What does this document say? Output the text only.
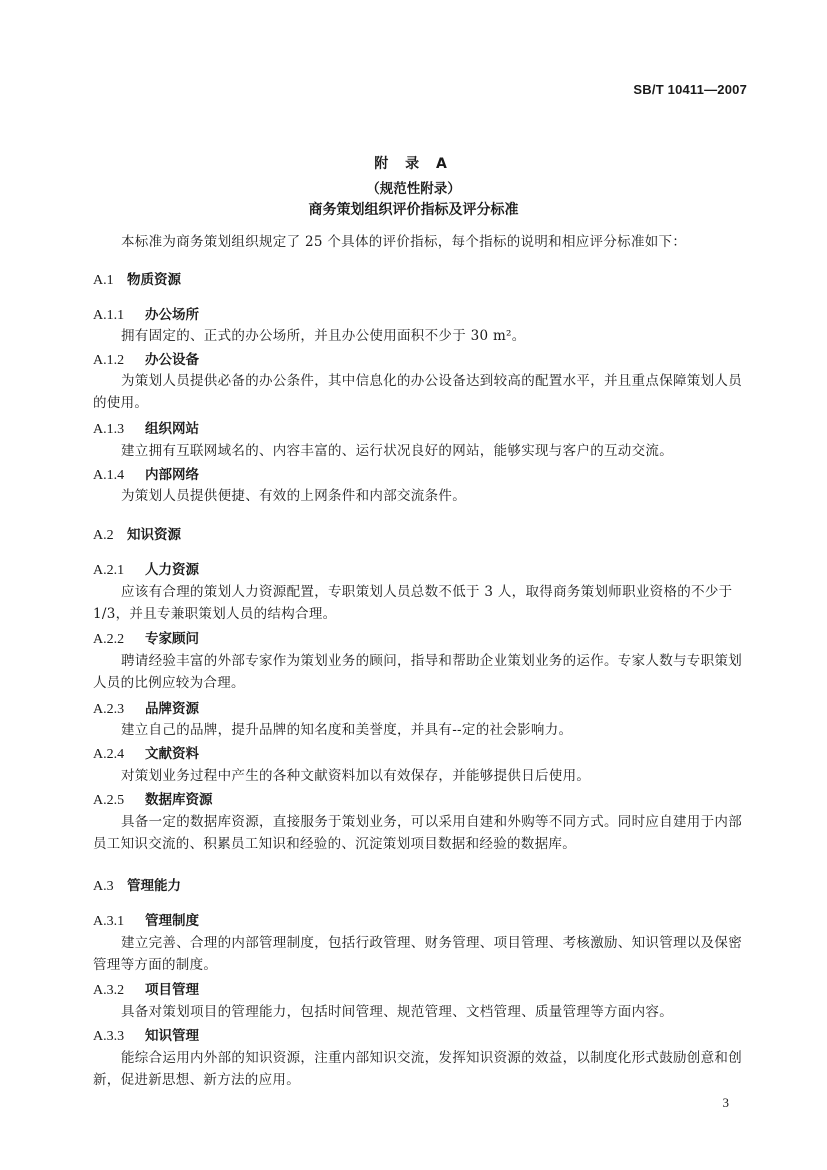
SB/T 10411—2007
附 录 A
（规范性附录）
商务策划组织评价指标及评分标准
本标准为商务策划组织规定了 25 个具体的评价指标，每个指标的说明和相应评分标准如下：
A.1 物质资源
A.1.1 办公场所
拥有固定的、正式的办公场所，并且办公使用面积不少于 30 m²。
A.1.2 办公设备
为策划人员提供必备的办公条件，其中信息化的办公设备达到较高的配置水平，并且重点保障策划人员的使用。
A.1.3 组织网站
建立拥有互联网域名的、内容丰富的、运行状况良好的网站，能够实现与客户的互动交流。
A.1.4 内部网络
为策划人员提供便捷、有效的上网条件和内部交流条件。
A.2 知识资源
A.2.1 人力资源
应该有合理的策划人力资源配置，专职策划人员总数不低于 3 人，取得商务策划师职业资格的不少于 1/3，并且专兼职策划人员的结构合理。
A.2.2 专家顾问
聘请经验丰富的外部专家作为策划业务的顾问，指导和帮助企业策划业务的运作。专家人数与专职策划人员的比例应较为合理。
A.2.3 品牌资源
建立自己的品牌，提升品牌的知名度和美誉度，并具有--定的社会影响力。
A.2.4 文献资料
对策划业务过程中产生的各种文献资料加以有效保存，并能够提供日后使用。
A.2.5 数据库资源
具备一定的数据库资源，直接服务于策划业务，可以采用自建和外购等不同方式。同时应自建用于内部员工知识交流的、积累员工知识和经验的、沉淀策划项目数据和经验的数据库。
A.3 管理能力
A.3.1 管理制度
建立完善、合理的内部管理制度，包括行政管理、财务管理、项目管理、考核激励、知识管理以及保密管理等方面的制度。
A.3.2 项目管理
具备对策划项目的管理能力，包括时间管理、规范管理、文档管理、质量管理等方面内容。
A.3.3 知识管理
能综合运用内外部的知识资源，注重内部知识交流，发挥知识资源的效益，以制度化形式鼓励创意和创新，促进新思想、新方法的应用。
3
